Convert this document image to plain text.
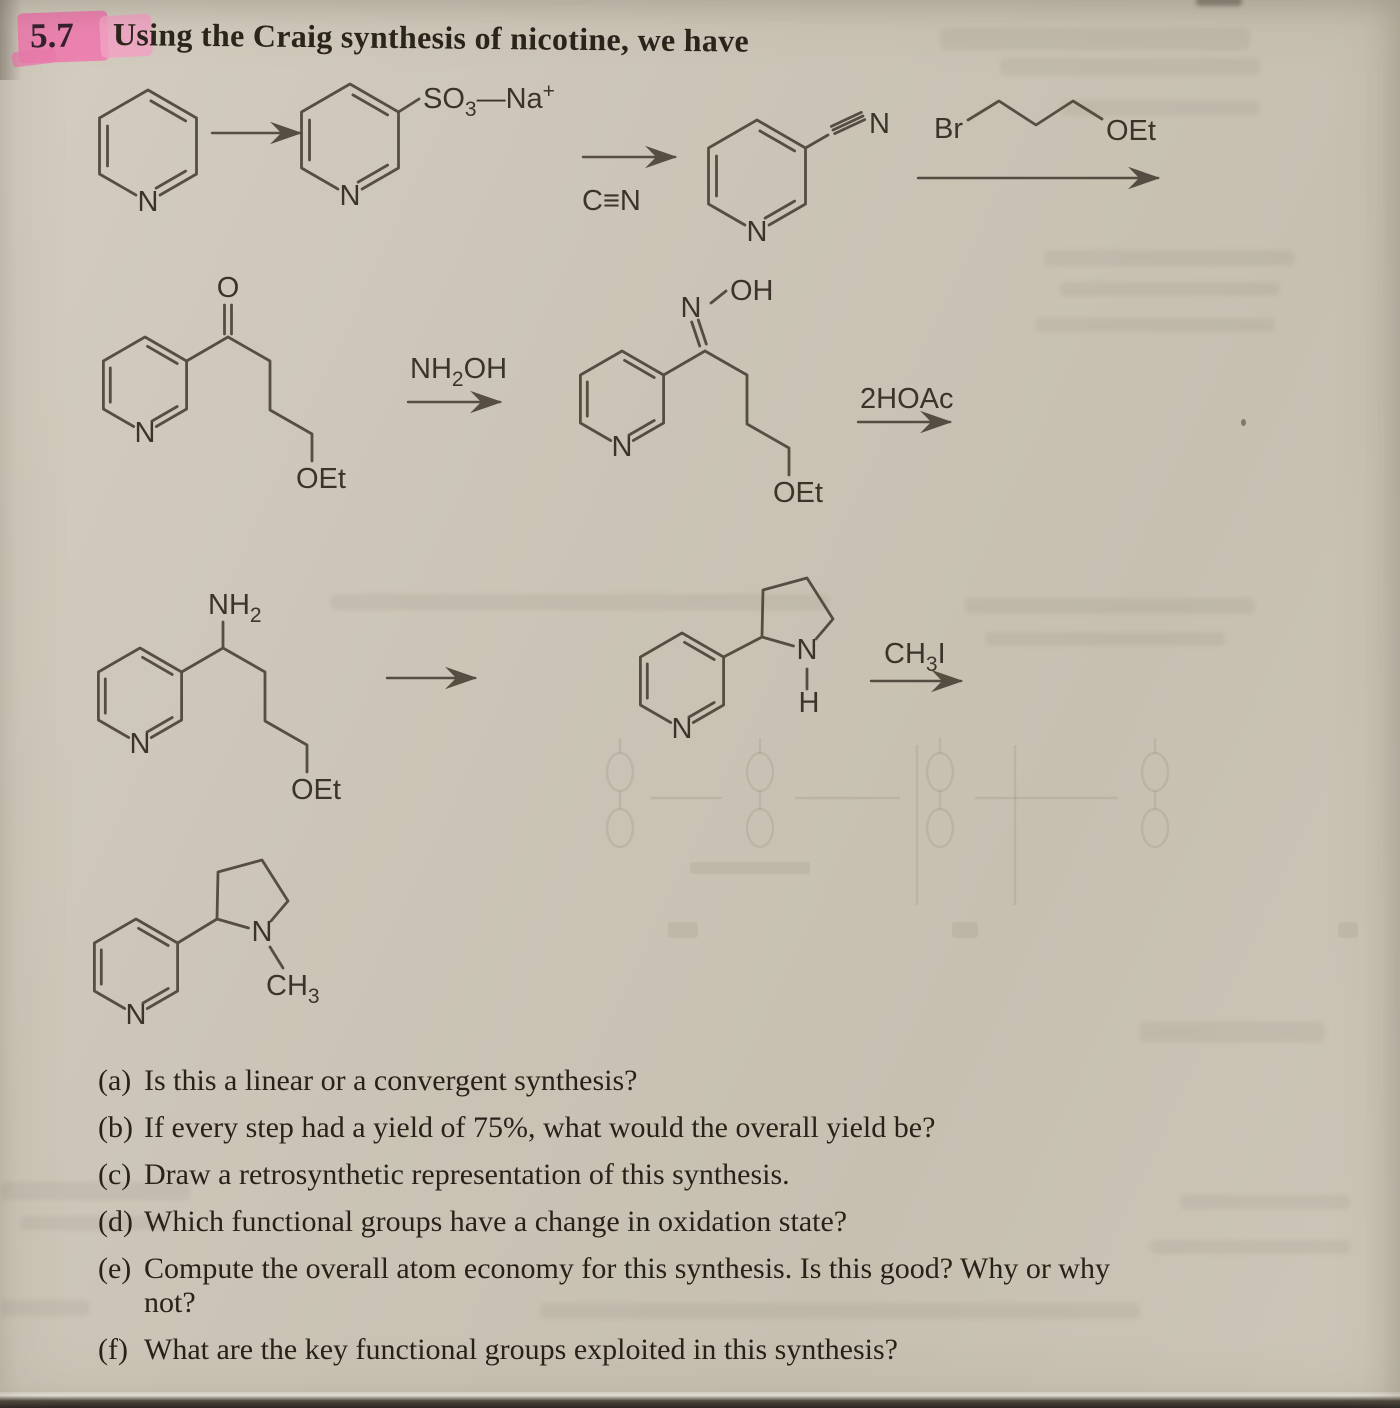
5.7 Using the Craig synthesis of nicotine, we have
N	N
$SO_3—Na^+$
C≡N
N
N Br	OEt
O
N
OEt
$NH_2OH$
N
OH
N
OEt
2HOAc
$NH_2$
N
OEt
N
N
H
$CH_3I$
N
N
$CH_3$
(a) Is this a linear or a convergent synthesis?
(b) If every step had a yield of 75%, what would the overall yield be?
(c) Draw a retrosynthetic representation of this synthesis.
(d) Which functional groups have a change in oxidation state?
(e) Compute the overall atom economy for this synthesis. Is this good? Why or why
not?
(f) What are the key functional groups exploited in this synthesis?
